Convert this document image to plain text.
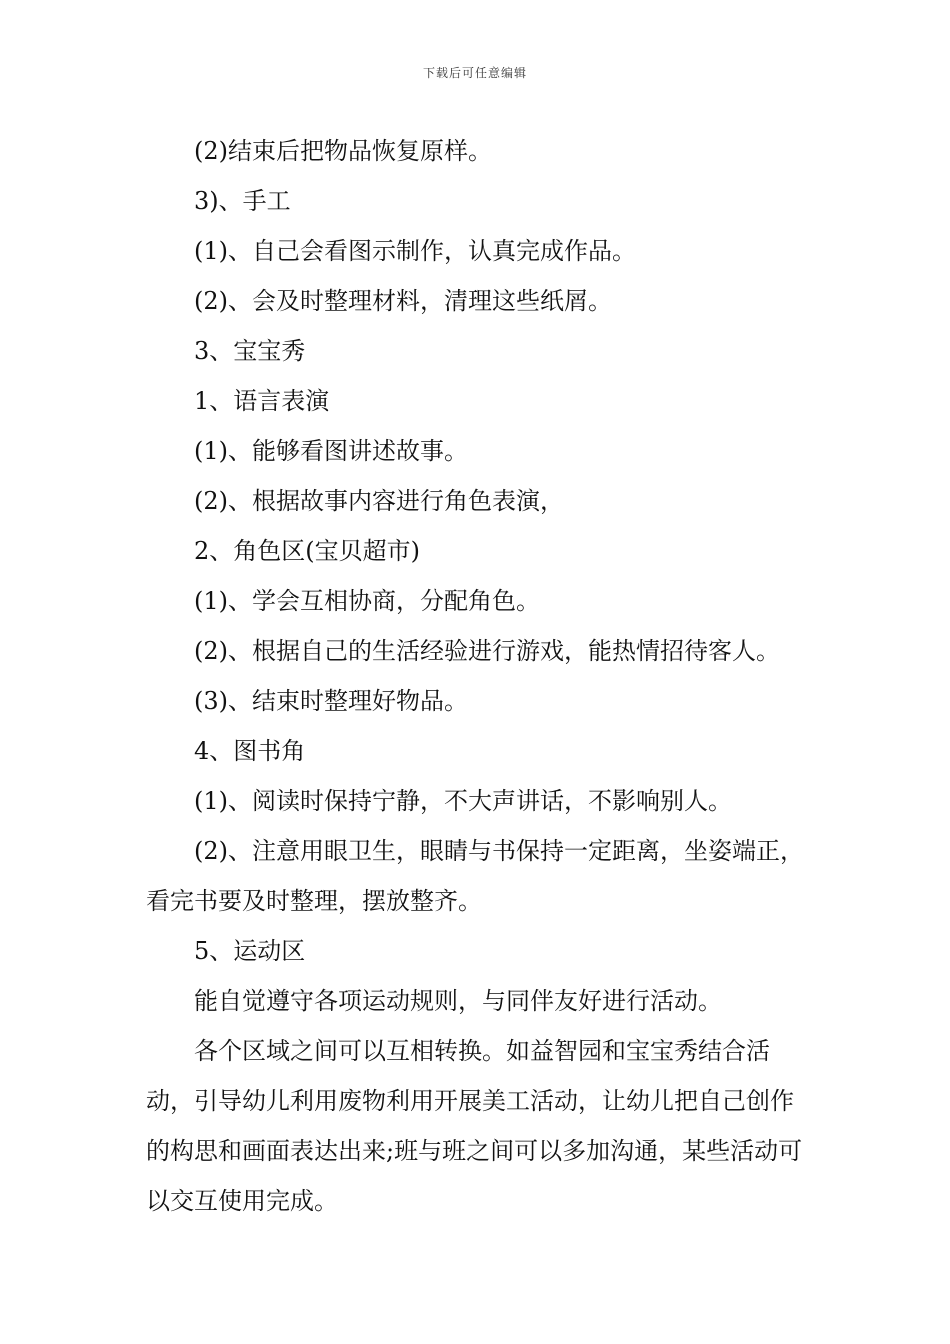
下载后可任意编辑

(2)结束后把物品恢复原样。

3)、手工

(1)、自己会看图示制作，认真完成作品。

(2)、会及时整理材料，清理这些纸屑。

3、宝宝秀

1、语言表演

(1)、能够看图讲述故事。

(2)、根据故事内容进行角色表演，

2、角色区(宝贝超市)

(1)、学会互相协商，分配角色。

(2)、根据自己的生活经验进行游戏，能热情招待客人。

(3)、结束时整理好物品。

4、图书角

(1)、阅读时保持宁静，不大声讲话，不影响别人。

(2)、注意用眼卫生，眼睛与书保持一定距离，坐姿端正，看完书要及时整理，摆放整齐。

5、运动区

能自觉遵守各项运动规则，与同伴友好进行活动。

各个区域之间可以互相转换。如益智园和宝宝秀结合活动，引导幼儿利用废物利用开展美工活动，让幼儿把自己创作的构思和画面表达出来;班与班之间可以多加沟通，某些活动可以交互使用完成。
